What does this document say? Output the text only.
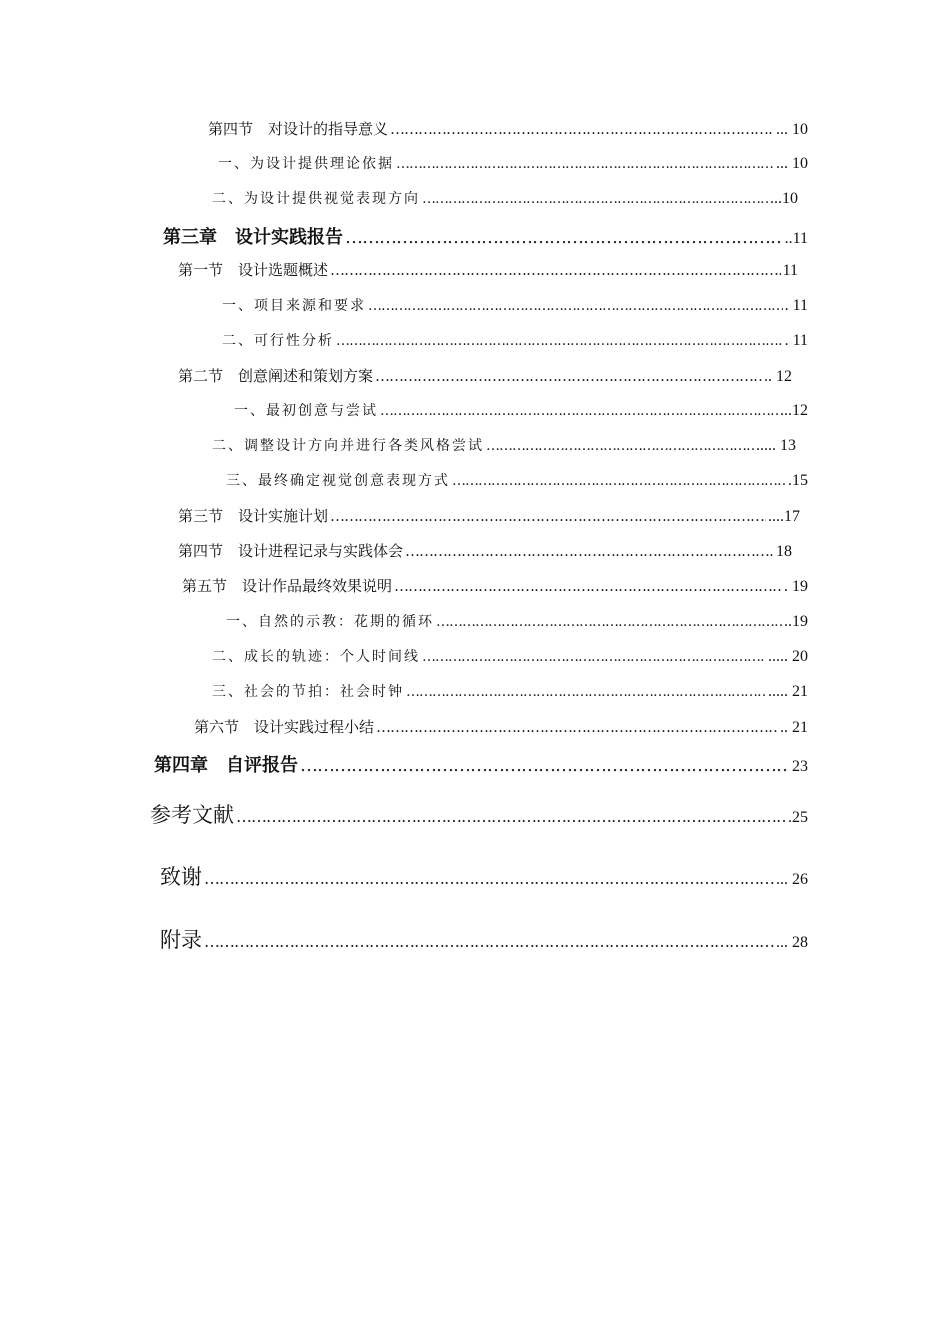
第四节　对设计的指导意义 ……………………………………………………………………………………………………………………………………………………………………………………………………	... 10
一、为设计提供理论依据 ……………………………………………………………………………………………………………………………………………………………………………………………………	... 10
二、为设计提供视觉表现方向 ……………………………………………………………………………………………………………………………………………………………………………………………………	...10
第三章　设计实践报告 ……………………………………………………………………………………………………………………………………………………………………………………………………	..11
第一节　设计选题概述 ……………………………………………………………………………………………………………………………………………………………………………………………………	11
一、项目来源和要求 ……………………………………………………………………………………………………………………………………………………………………………………………………	. 11
二、可行性分析 ……………………………………………………………………………………………………………………………………………………………………………………………………	. 11
第二节　创意阐述和策划方案 ……………………………………………………………………………………………………………………………………………………………………………………………………	.. 12
一、最初创意与尝试 ……………………………………………………………………………………………………………………………………………………………………………………………………	...12
二、调整设计方向并进行各类风格尝试 ……………………………………………………………………………………………………………………………………………………………………………………………………	..... 13
三、最终确定视觉创意表现方式 ……………………………………………………………………………………………………………………………………………………………………………………………………	.15
第三节　设计实施计划 ……………………………………………………………………………………………………………………………………………………………………………………………………	....17
第四节　设计进程记录与实践体会 ……………………………………………………………………………………………………………………………………………………………………………………………………	18
第五节　设计作品最终效果说明 ……………………………………………………………………………………………………………………………………………………………………………………………………	. 19
一、自然的示教：花期的循环 ……………………………………………………………………………………………………………………………………………………………………………………………………	..19
二、成长的轨迹：个人时间线 ……………………………………………………………………………………………………………………………………………………………………………………………………	..... 20
三、社会的节拍：社会时钟 ……………………………………………………………………………………………………………………………………………………………………………………………………	..... 21
第六节　设计实践过程小结 ……………………………………………………………………………………………………………………………………………………………………………………………………	.. 21
第四章　自评报告 ……………………………………………………………………………………………………………………………………………………………………………………………………	23
参考文献 ……………………………………………………………………………………………………………………………………………………………………………………………………	.25
致谢 ……………………………………………………………………………………………………………………………………………………………………………………………………	... 26
附录 ……………………………………………………………………………………………………………………………………………………………………………………………………	... 28
